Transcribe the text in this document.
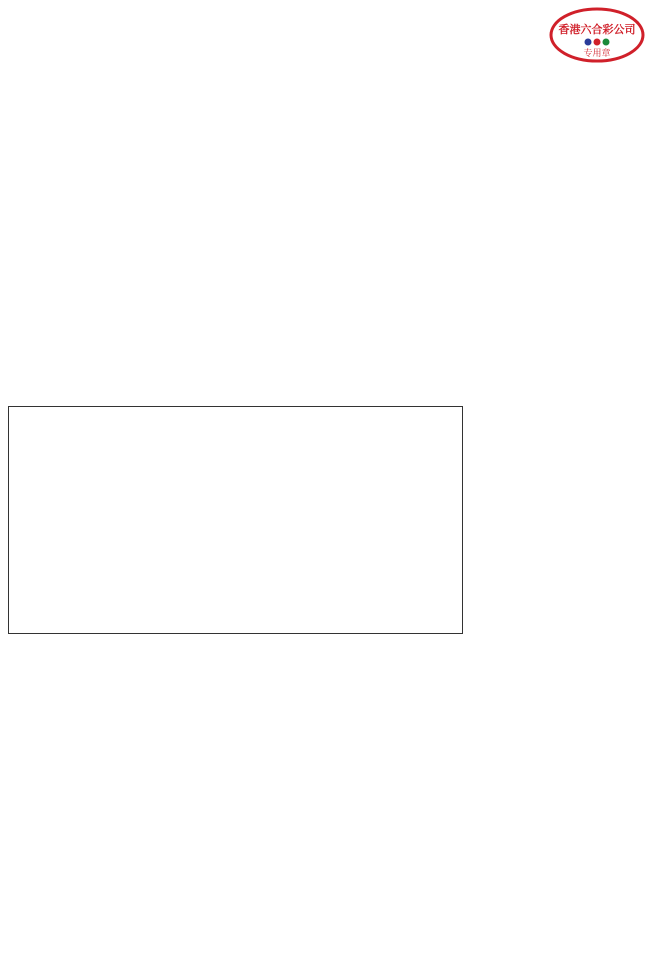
香港六合彩公司
专用章
